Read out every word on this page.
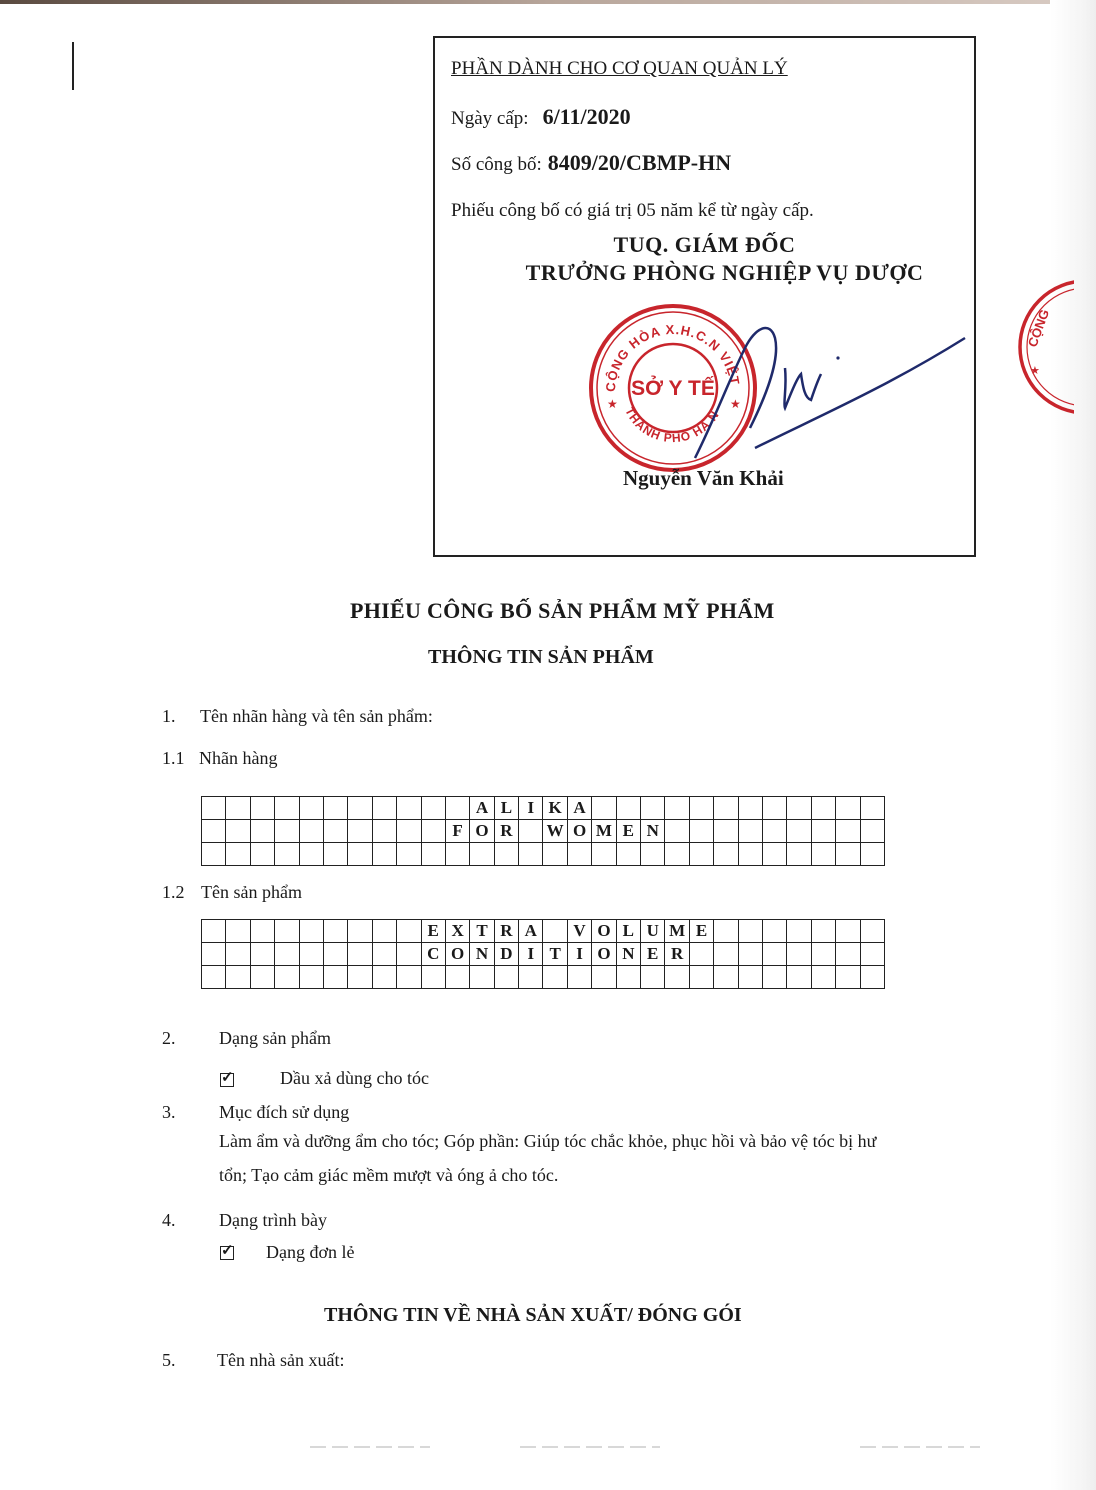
PHẦN DÀNH CHO CƠ QUAN QUẢN LÝ
Ngày cấp: 6/11/2020
Số công bố: 8409/20/CBMP-HN
Phiếu công bố có giá trị 05 năm kể từ ngày cấp.
TUQ. GIÁM ĐỐC
TRƯỞNG PHÒNG NGHIỆP VỤ DƯỢC
CỘNG HÒA X.H.C.N VIỆT
THÀNH PHỐ HÀ N
SỞ Y TẾ
★	★
Nguyễn Văn Khải
CỘNG
★
PHIẾU CÔNG BỐ SẢN PHẨM MỸ PHẨM
THÔNG TIN SẢN PHẨM
1. Tên nhãn hàng và tên sản phẩm:
1.1 Nhãn hàng
											A	L	I	K	A												
										F	O	R		W	O	M	E	N									

1.2 Tên sản phẩm
									E	X	T	R	A		V	O	L	U	M	E							
									C	O	N	D	I	T	I	O	N	E	R								

2. Dạng sản phẩm
✓	Dầu xả dùng cho tóc
3. Mục đích sử dụng
Làm ẩm và dưỡng ẩm cho tóc; Góp phần: Giúp tóc chắc khỏe, phục hồi và bảo vệ tóc bị hư
tổn; Tạo cảm giác mềm mượt và óng ả cho tóc.
4. Dạng trình bày
✓ Dạng đơn lẻ
THÔNG TIN VỀ NHÀ SẢN XUẤT/ ĐÓNG GÓI
5. Tên nhà sản xuất:
